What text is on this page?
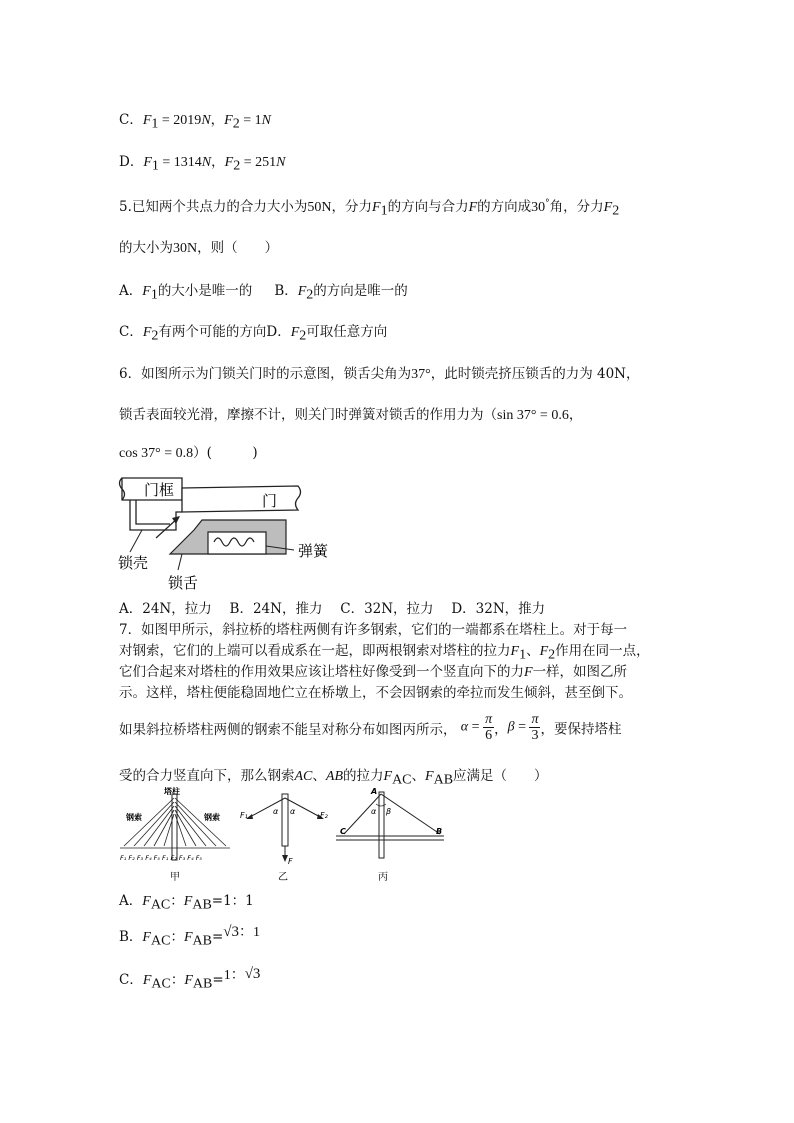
C．$F_1 = 2019N$，$F_2 = 1N$
D．$F_1 = 1314N$，$F_2 = 251N$
5.已知两个共点力的合力大小为50N，分力$F_1$的方向与合力F的方向成30°角，分力$F_2$
的大小为30N，则（　　）
A．$F_1$的大小是唯一的 B．$F_2$的方向是唯一的
C．$F_2$有两个可能的方向D．$F_2$可取任意方向
6．如图所示为门锁关门时的示意图，锁舌尖角为37°，此时锁壳挤压锁舌的力为 40N，
锁舌表面较光滑，摩擦不计，则关门时弹簧对锁舌的作用力为（sin 37° = 0.6，
cos 37° = 0.8）(　　　)
门框
门
弹簧
锁壳
锁舌
A．24N，拉力　 B．24N，推力　 C．32N，拉力　 D．32N，推力
7．如图甲所示，斜拉桥的塔柱两侧有许多钢索，它们的一端都系在塔柱上。对于每一
对钢索，它们的上端可以看成系在一起，即两根钢索对塔柱的拉力$F_1$、$F_2$作用在同一点，
它们合起来对塔柱的作用效果应该让塔柱好像受到一个竖直向下的力F一样，如图乙所
示。这样，塔柱便能稳固地伫立在桥墩上，不会因钢索的牵拉而发生倾斜，甚至倒下。
如果斜拉桥塔柱两侧的钢索不能呈对称分布如图丙所示， $\alpha = \frac{\pi}{6}$ ，$\beta = \frac{\pi}{3}$ ，要保持塔柱
受的合力竖直向下，那么钢索AC、AB的拉力$F_{AC}$、$F_{AB}$应满足（　　）
塔柱
钢索	钢索
F₁ F₂ F₃ F₄ F₅ F₁ F₂ F₃ F₄ F₅
甲
F₁	F₂
F
α α
乙
A
C	B
α β
丙
A．$F_{AC}$：$F_{AB}=1$：1
B．$F_{AC}$：$F_{AB}=√3$：1
C．$F_{AC}$：$F_{AB}=1$：√3
